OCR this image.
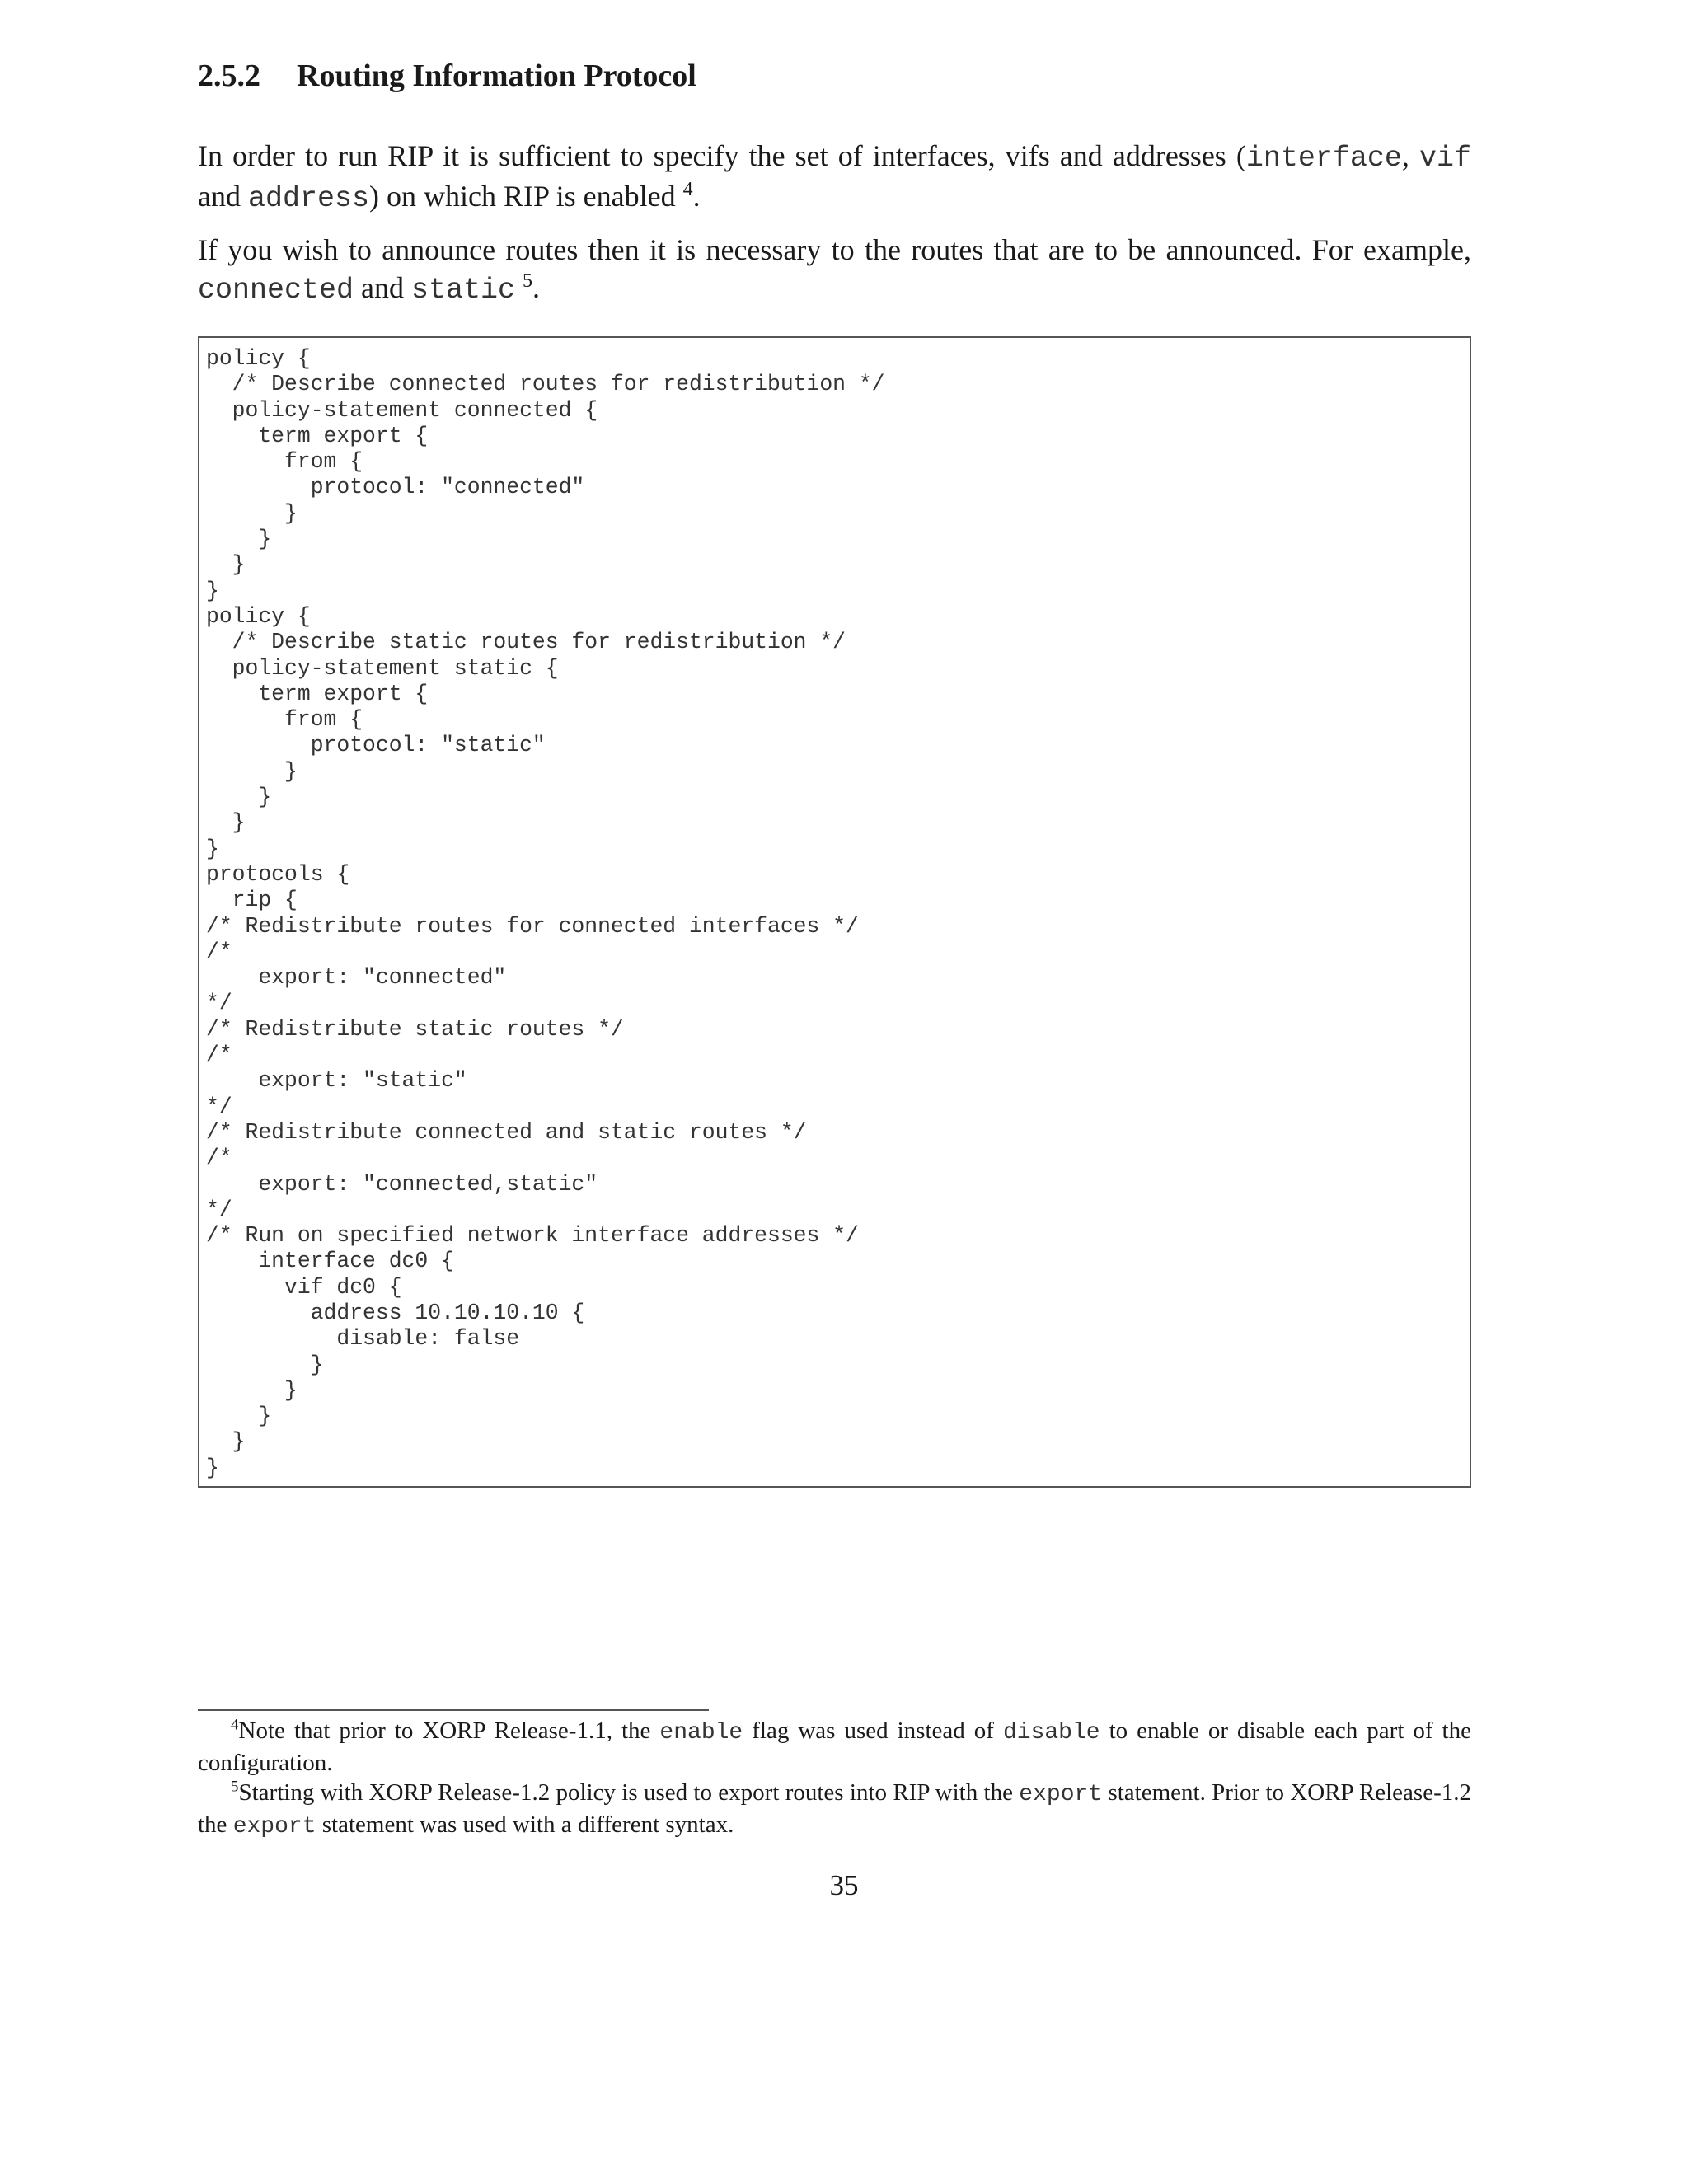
2.5.2 Routing Information Protocol

In order to run RIP it is sufficient to specify the set of interfaces, vifs and addresses (interface, vif and address) on which RIP is enabled $^4$.

If you wish to announce routes then it is necessary to the routes that are to be announced. For example, connected and static $^5$.

policy {
/* Describe connected routes for redistribution */
policy-statement connected {
term export {
from {
protocol: "connected"
}
}
}
}
policy {
/* Describe static routes for redistribution */
policy-statement static {
term export {
from {
protocol: "static"
}
}
}
}
protocols {
rip {
/* Redistribute routes for connected interfaces */
/*
export: "connected"
*/
/* Redistribute static routes */
/*
export: "static"
*/
/* Redistribute connected and static routes */
/*
export: "connected,static"
*/
/* Run on specified network interface addresses */
interface dc0 {
vif dc0 {
address 10.10.10.10 {
disable: false
}
}
}
}
}

$^4$Note that prior to XORP Release-1.1, the enable flag was used instead of disable to enable or disable each part of the configuration.

$^5$Starting with XORP Release-1.2 policy is used to export routes into RIP with the export statement. Prior to XORP Release-1.2 the export statement was used with a different syntax.

35
